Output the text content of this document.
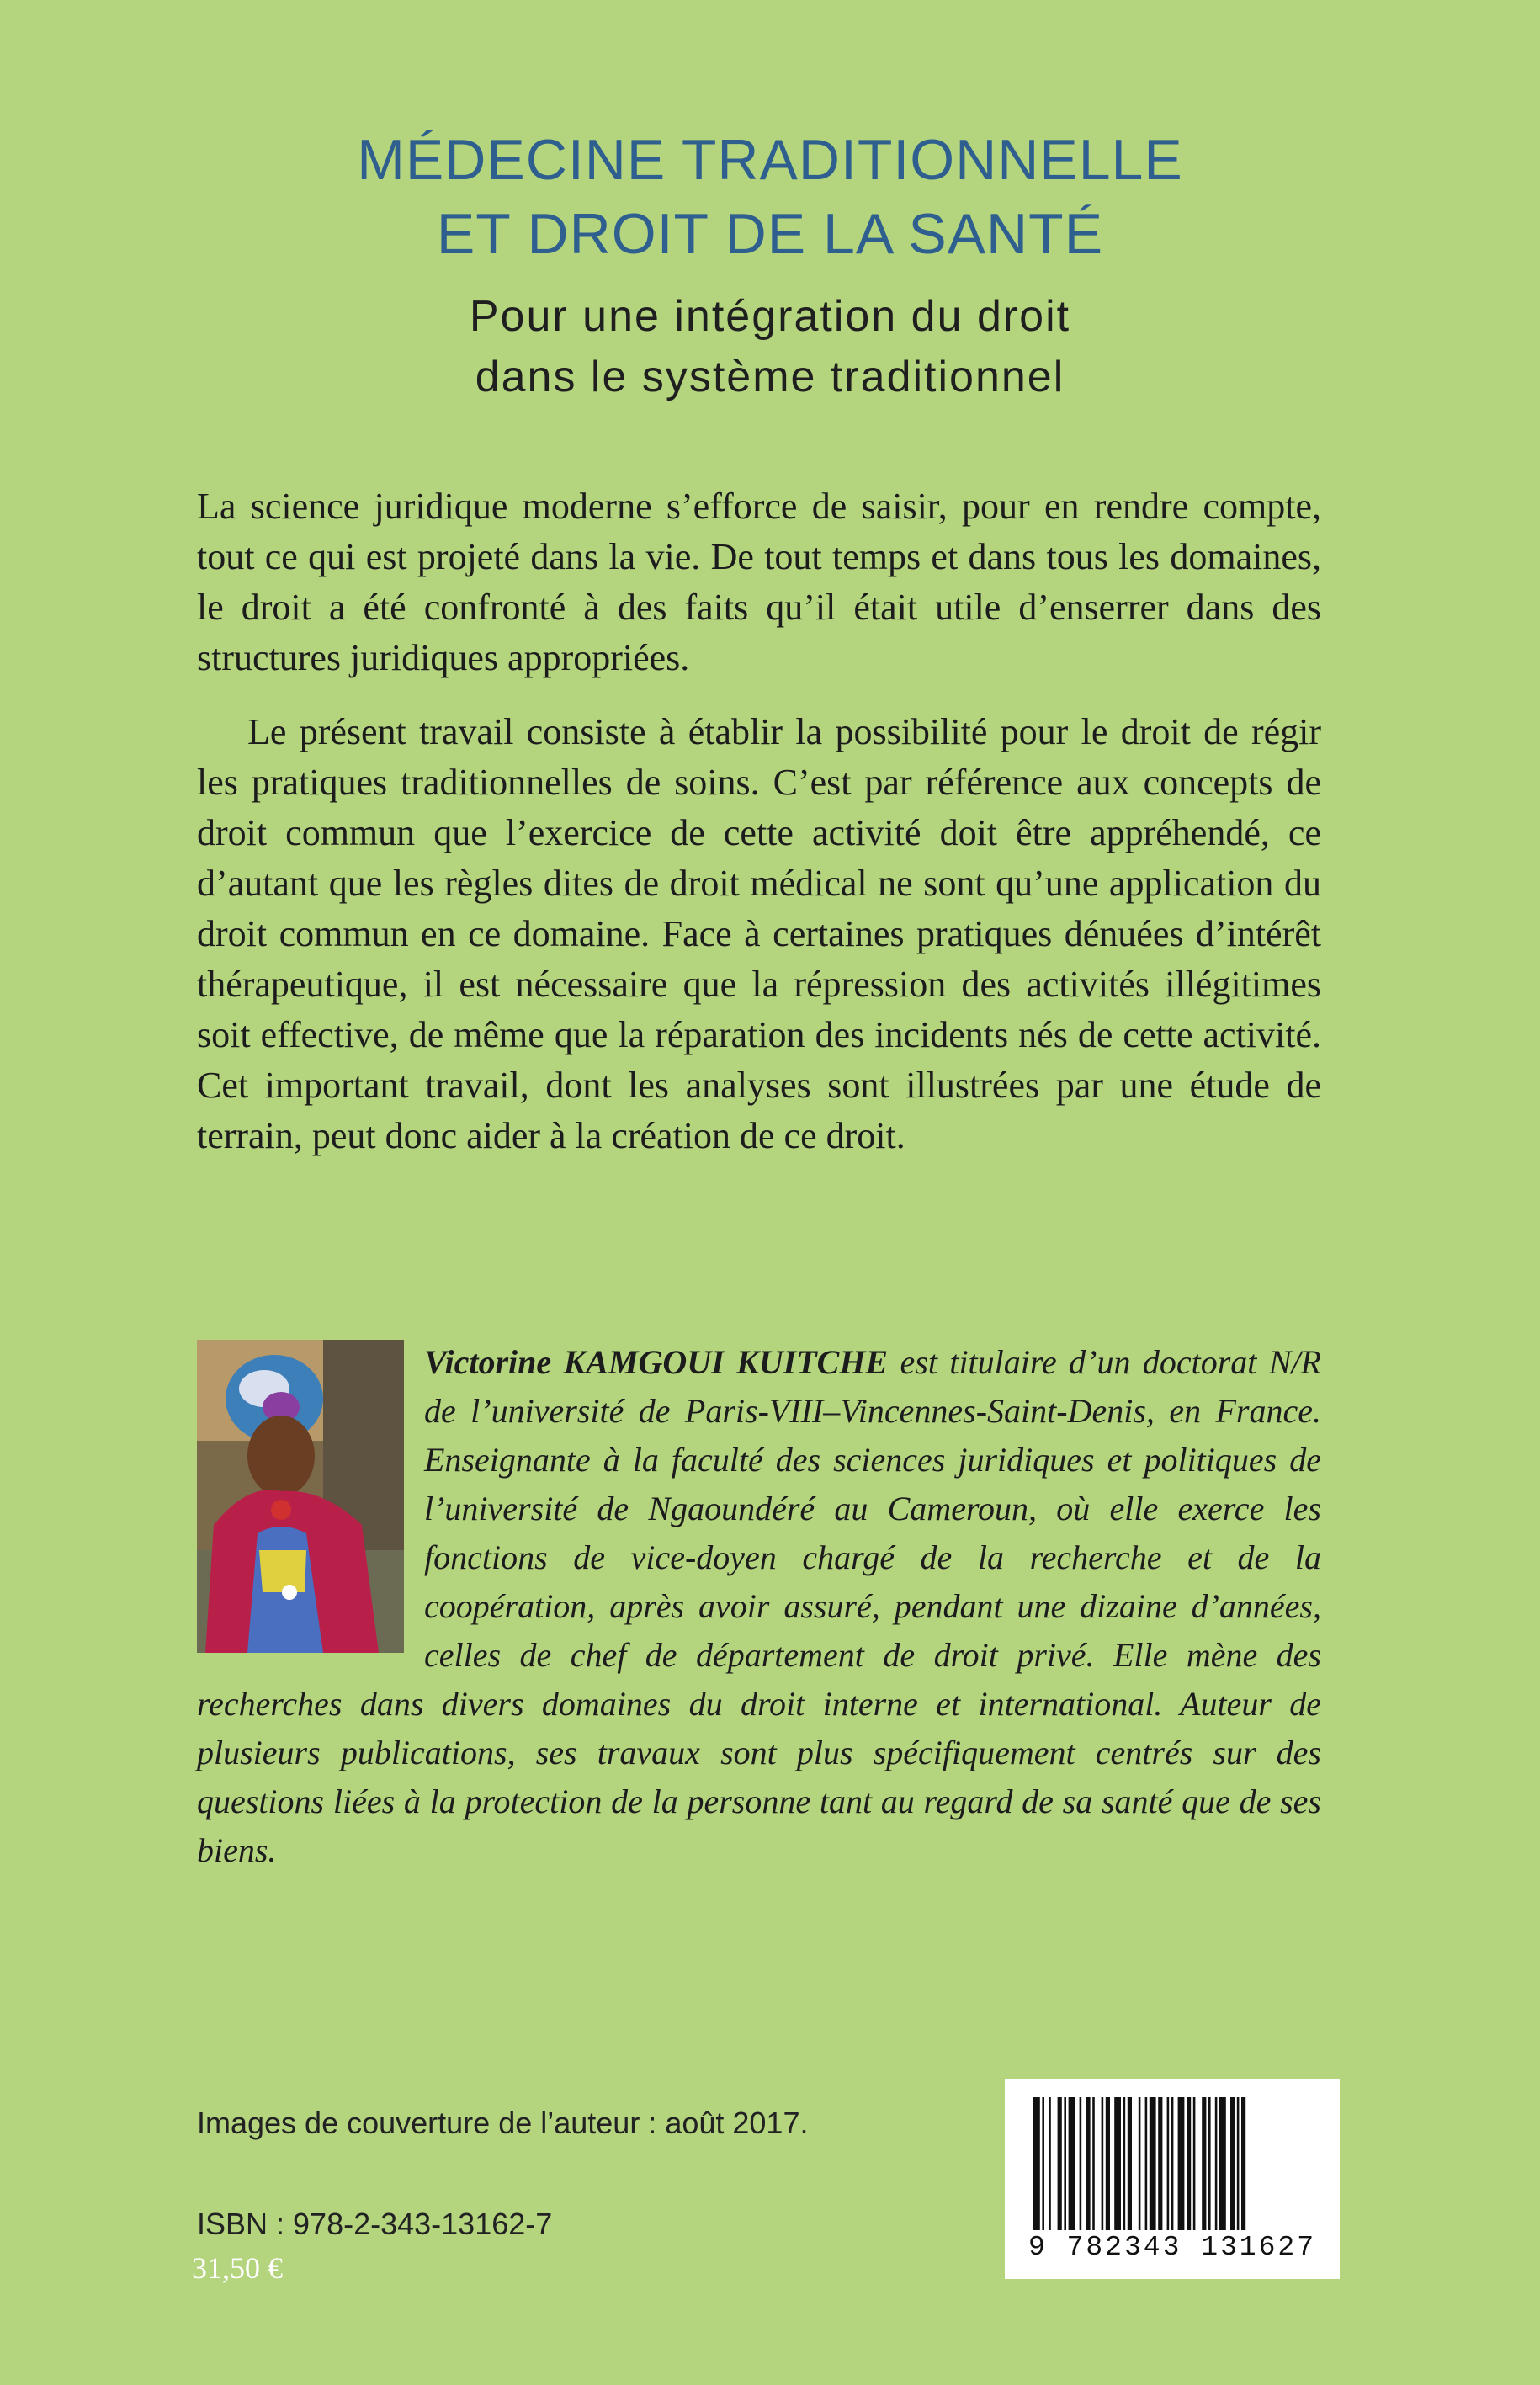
MÉDECINE TRADITIONNELLE
ET DROIT DE LA SANTÉ
Pour une intégration du droit
dans le système traditionnel

La science juridique moderne s’efforce de saisir, pour en rendre compte, tout ce qui est projeté dans la vie. De tout temps et dans tous les domaines, le droit a été confronté à des faits qu’il était utile d’enserrer dans des structures juridiques appropriées.

Le présent travail consiste à établir la possibilité pour le droit de régir les pratiques traditionnelles de soins. C’est par référence aux concepts de droit commun que l’exercice de cette activité doit être appréhendé, ce d’autant que les règles dites de droit médical ne sont qu’une application du droit commun en ce domaine. Face à certaines pratiques dénuées d’intérêt thérapeutique, il est nécessaire que la répression des activités illégitimes soit effective, de même que la réparation des incidents nés de cette activité. Cet important travail, dont les analyses sont illustrées par une étude de terrain, peut donc aider à la création de ce droit.

Victorine KAMGOUI KUITCHE est titulaire d’un doctorat N/R de l’université de Paris-VIII–Vincennes-Saint-Denis, en France. Enseignante à la faculté des sciences juridiques et politiques de l’université de Ngaoundéré au Cameroun, où elle exerce les fonctions de vice-doyen chargé de la recherche et de la coopération, après avoir assuré, pendant une dizaine d’années, celles de chef de département de droit privé. Elle mène des recherches dans divers domaines du droit interne et international. Auteur de plusieurs publications, ses travaux sont plus spécifiquement centrés sur des questions liées à la protection de la personne tant au regard de sa santé que de ses biens.

Images de couverture de l’auteur : août 2017.
ISBN : 978-2-343-13162-7
31,50 €
9 782343 131627
